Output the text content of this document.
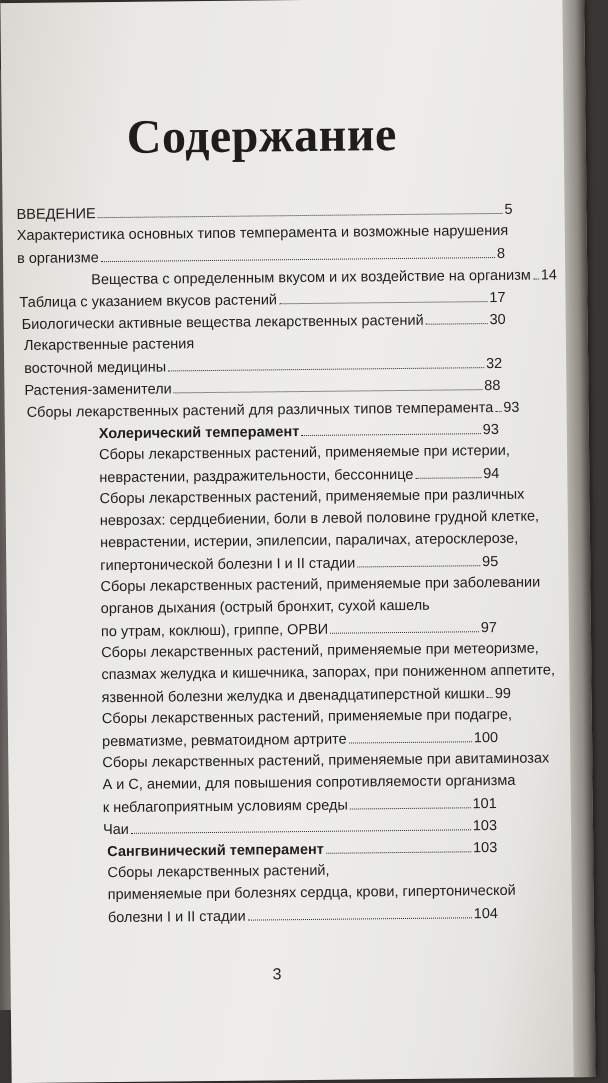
Содержание
ВВЕДЕНИЕ	5
Характеристика основных типов темперамента и возможные нарушения
в организме	8
Вещества с определенным вкусом и их воздействие на организм 14
Таблица с указанием вкусов растений	17
Биологически активные вещества лекарственных растений	30
Лекарственные растения
восточной медицины	32
Растения-заменители	88
Сборы лекарственных растений для различных типов темперамента 93
Холерический темперамент	93
Сборы лекарственных растений, применяемые при истерии,
неврастении, раздражительности, бессоннице	94
Сборы лекарственных растений, применяемые при различных
неврозах: сердцебиении, боли в левой половине грудной клетке,
неврастении, истерии, эпилепсии, параличах, атеросклерозе,
гипертонической болезни I и II стадии	95
Сборы лекарственных растений, применяемые при заболевании
органов дыхания (острый бронхит, сухой кашель
по утрам, коклюш), гриппе, ОРВИ	97
Сборы лекарственных растений, применяемые при метеоризме,
спазмах желудка и кишечника, запорах, при пониженном аппетите,
язвенной болезни желудка и двенадцатиперстной кишки 99
Сборы лекарственных растений, применяемые при подагре,
ревматизме, ревматоидном артрите	100
Сборы лекарственных растений, применяемые при авитаминозах
А и С, анемии, для повышения сопротивляемости организма
к неблагоприятным условиям среды	101
Чаи	103
Сангвинический темперамент	103
Сборы лекарственных растений,
применяемые при болезнях сердца, крови, гипертонической
болезни I и II стадии	104
3
